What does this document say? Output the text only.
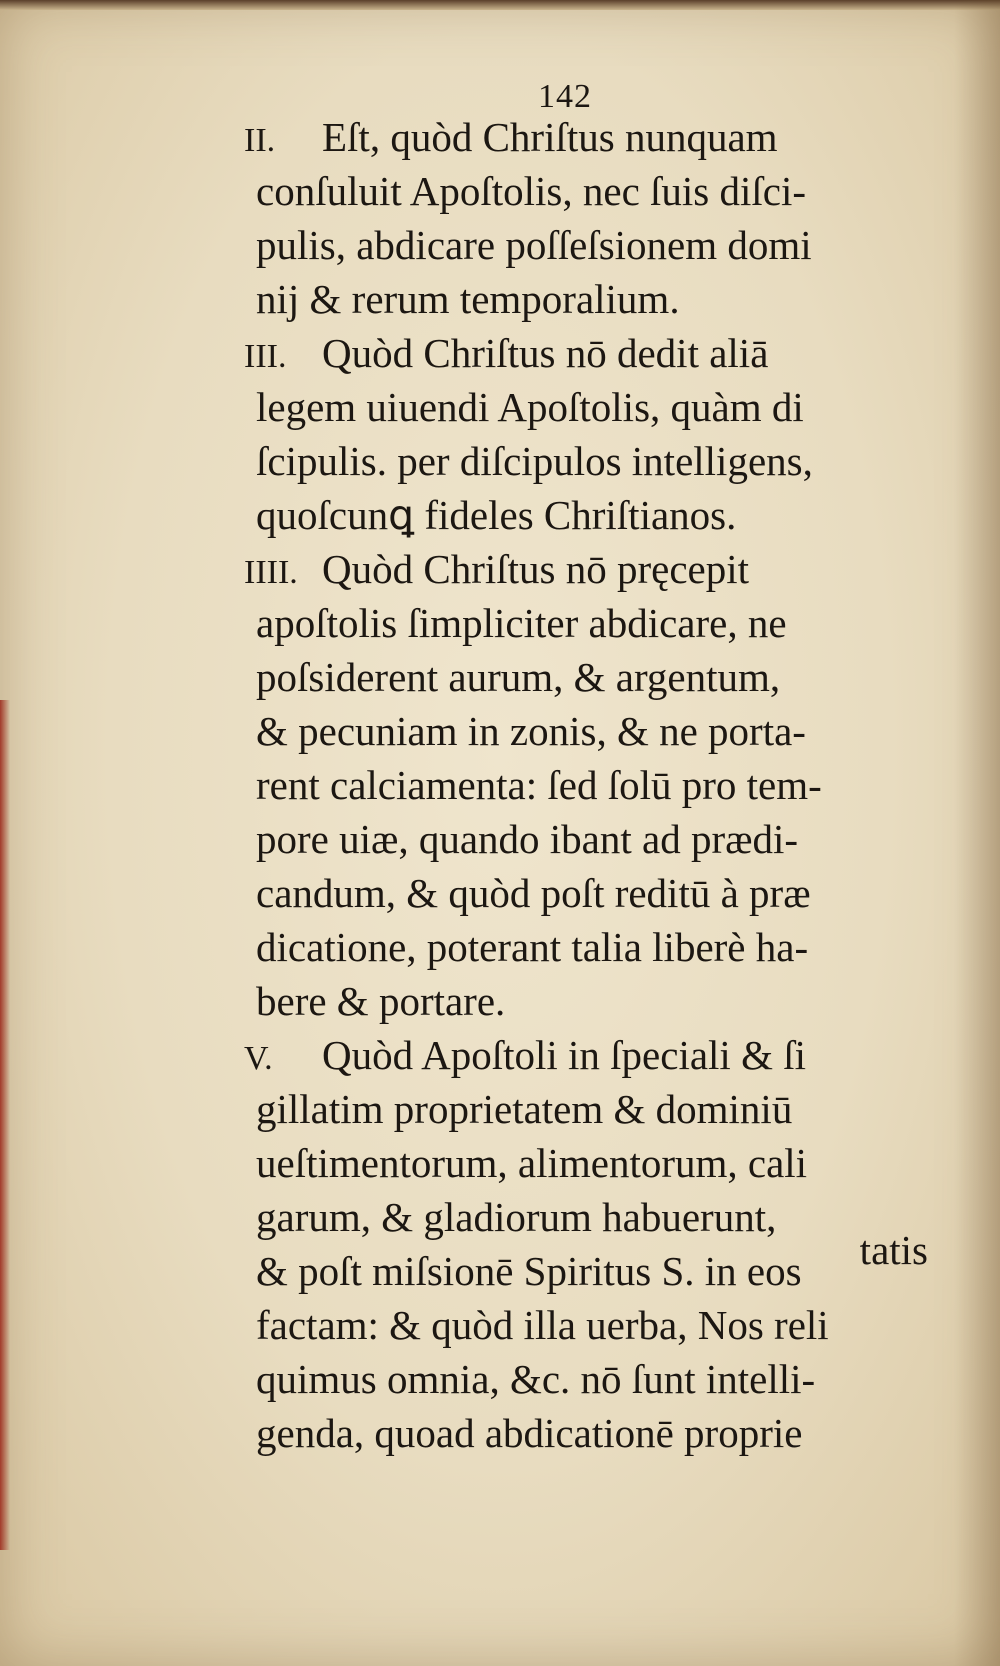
142
II.	Eſt, quòd Chriſtus nunquam
conſuluit Apoſtolis, nec ſuis diſci-
pulis, abdicare poſſeſsionem domi
nij & rerum temporalium.
III. Quòd Chriſtus nō dedit aliā
legem uiuendi Apoſtolis, quàm di
ſcipulis. per diſcipulos intelligens,
quoſcunꝗ fideles Chriſtianos.
IIII. Quòd Chriſtus nō pręcepit
apoſtolis ſimpliciter abdicare, ne
poſsiderent aurum, & argentum,
& pecuniam in zonis, & ne porta-
rent calciamenta: ſed ſolū pro tem-
pore uiæ, quando ibant ad prædi-
candum, & quòd poſt reditū à præ
dicatione, poterant talia liberè ha-
bere & portare.
V.	Quòd Apoſtoli in ſpeciali & ſi
gillatim proprietatem & dominiū
ueſtimentorum, alimentorum, cali
garum, & gladiorum habuerunt,
& poſt miſsionē Spiritus S. in eos
factam: & quòd illa uerba, Nos reli
quimus omnia, &c. nō ſunt intelli-
genda, quoad abdicationē proprie
tatis
